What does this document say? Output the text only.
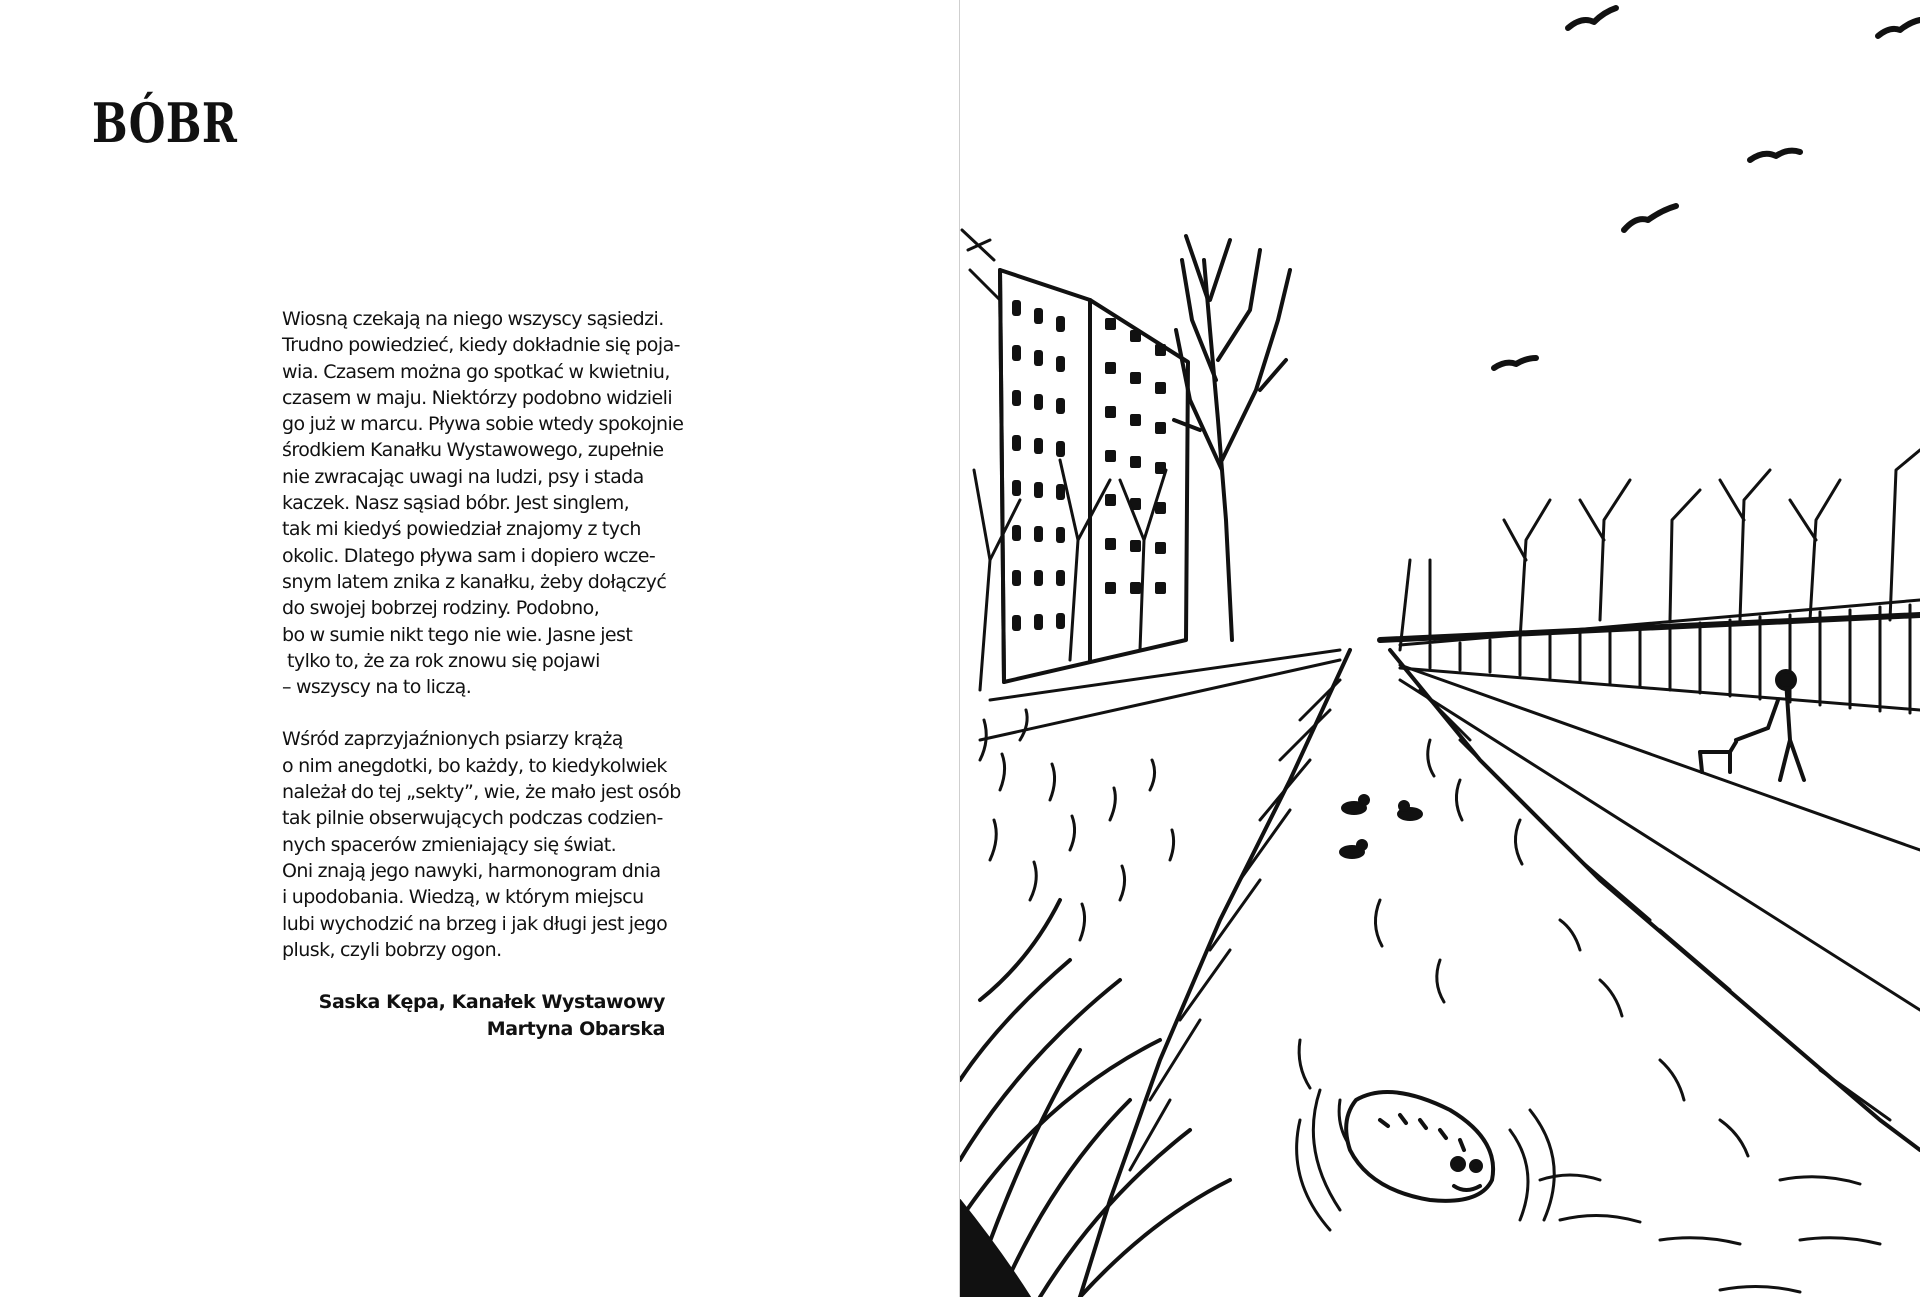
BÓBR

Wiosną czekają na niego wszyscy sąsiedzi.
Trudno powiedzieć, kiedy dokładnie się poja-
wia. Czasem można go spotkać w kwietniu,
czasem w maju. Niektórzy podobno widzieli
go już w marcu. Pływa sobie wtedy spokojnie
środkiem Kanałku Wystawowego, zupełnie
nie zwracając uwagi na ludzi, psy i stada
kaczek. Nasz sąsiad bóbr. Jest singlem,
tak mi kiedyś powiedział znajomy z tych
okolic. Dlatego pływa sam i dopiero wcze-
snym latem znika z kanałku, żeby dołączyć
do swojej bobrzej rodziny. Podobno,
bo w sumie nikt tego nie wie. Jasne jest
tylko to, że za rok znowu się pojawi
– wszyscy na to liczą.

Wśród zaprzyjaźnionych psiarzy krążą
o nim anegdotki, bo każdy, to kiedykolwiek
należał do tej „sekty”, wie, że mało jest osób
tak pilnie obserwujących podczas codzien-
nych spacerów zmieniający się świat.
Oni znają jego nawyki, harmonogram dnia
i upodobania. Wiedzą, w którym miejscu
lubi wychodzić na brzeg i jak długi jest jego
plusk, czyli bobrzy ogon.

Saska Kępa, Kanałek Wystawowy
Martyna Obarska
